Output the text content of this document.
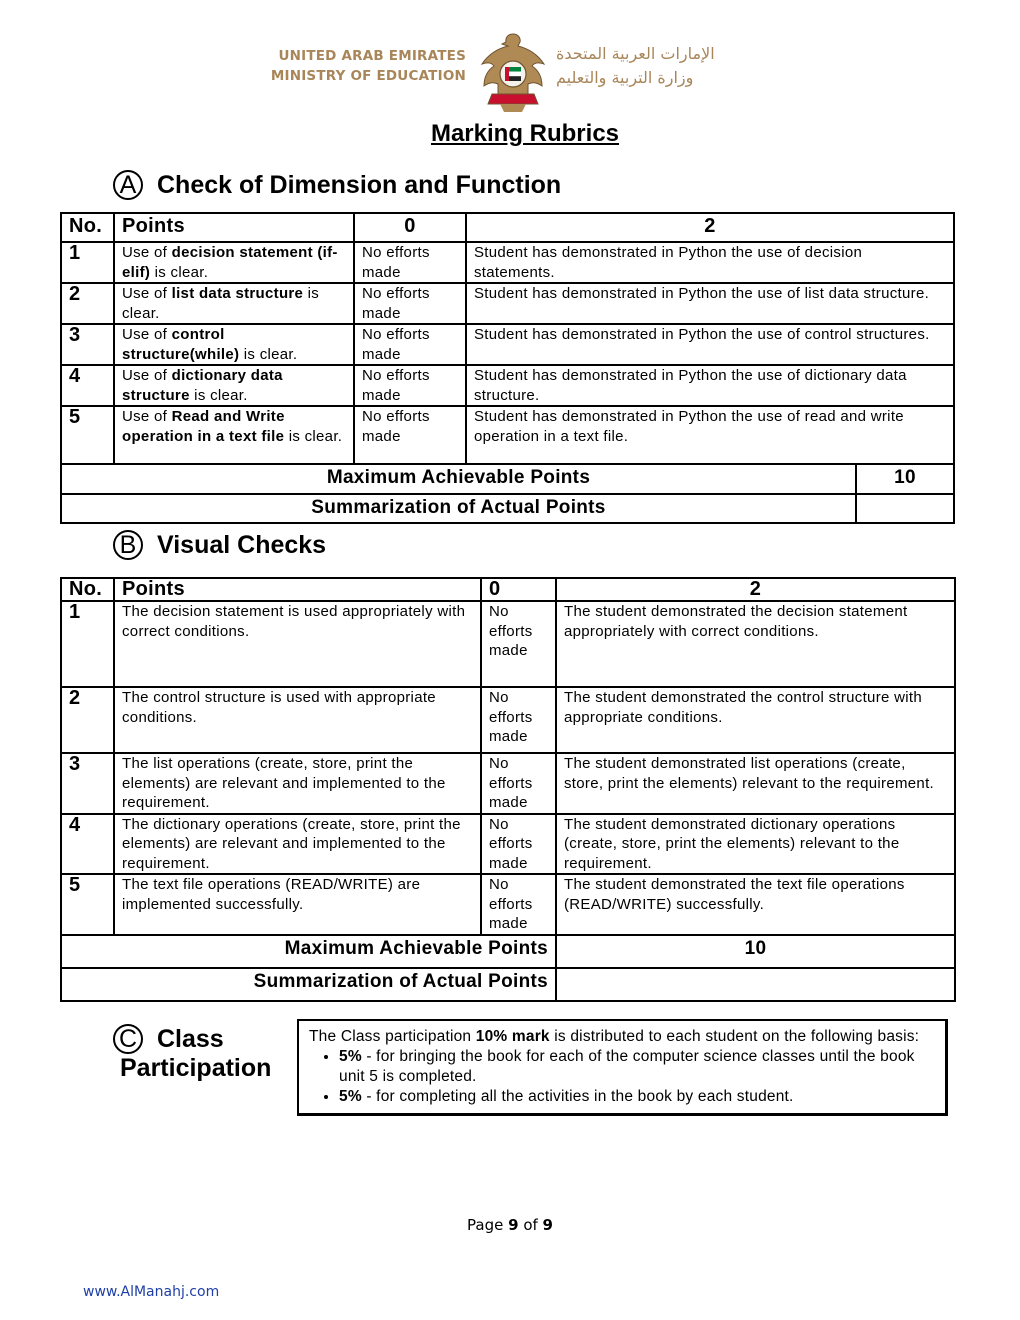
UNITED ARAB EMIRATES
MINISTRY OF EDUCATION
الإمارات العربية المتحدة
وزارة التربية والتعليم
Marking Rubrics
A Check of Dimension and Function
No.	Points	0	2	
1	Use of decision statement (if-elif) is clear.	No efforts made	Student has demonstrated in Python the use of decision statements.	
2	Use of list data structure is clear.	No efforts made	Student has demonstrated in Python the use of list data structure.	
3	Use of control structure(while) is clear.	No efforts made	Student has demonstrated in Python the use of control structures.	
4	Use of dictionary data structure is clear.	No efforts made	Student has demonstrated in Python the use of dictionary data structure.	
5	Use of Read and Write operation in a text file is clear.	No efforts made	Student has demonstrated in Python the use of read and write operation in a text file.	
Maximum Achievable Points				10
Summarization of Actual Points				
B Visual Checks
No.	Points	0	2
1	The decision statement is used appropriately with correct conditions.	No efforts made	The student demonstrated the decision statement appropriately with correct conditions.
2	The control structure is used with appropriate conditions.	No efforts made	The student demonstrated the control structure with appropriate conditions.
3	The list operations (create, store, print the elements) are relevant and implemented to the requirement.	No efforts made	The student demonstrated list operations (create, store, print the elements) relevant to the requirement.
4	The dictionary operations (create, store, print the elements) are relevant and implemented to the requirement.	No efforts made	The student demonstrated dictionary operations (create, store, print the elements) relevant to the requirement.
5	The text file operations (READ/WRITE) are implemented successfully.	No efforts made	The student demonstrated the text file operations (READ/WRITE) successfully.
Maximum Achievable Points			10
Summarization of Actual Points			
C Class
Participation
The Class participation 10% mark is distributed to each student on the following basis:
• 5% - for bringing the book for each of the computer science classes until the book unit 5 is completed.
• 5% - for completing all the activities in the book by each student.
Page 9 of 9
www.AlManahj.com
